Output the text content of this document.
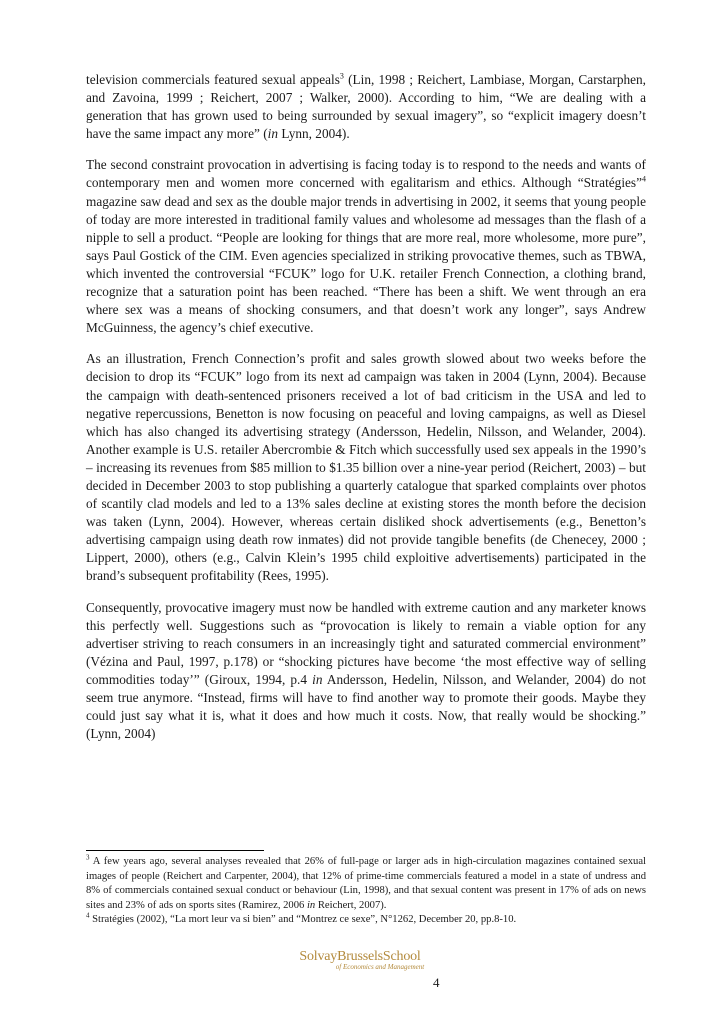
television commercials featured sexual appeals$^3$ (Lin, 1998 ; Reichert, Lambiase, Morgan, Carstarphen, and Zavoina, 1999 ; Reichert, 2007 ; Walker, 2000). According to him, “We are dealing with a generation that has grown used to being surrounded by sexual imagery”, so “explicit imagery doesn’t have the same impact any more” (in Lynn, 2004).

The second constraint provocation in advertising is facing today is to respond to the needs and wants of contemporary men and women more concerned with egalitarism and ethics. Although “Stratégies”$^4$ magazine saw dead and sex as the double major trends in advertising in 2002, it seems that young people of today are more interested in traditional family values and wholesome ad messages than the flash of a nipple to sell a product. “People are looking for things that are more real, more wholesome, more pure”, says Paul Gostick of the CIM. Even agencies specialized in striking provocative themes, such as TBWA, which invented the controversial “FCUK” logo for U.K. retailer French Connection, a clothing brand, recognize that a saturation point has been reached. “There has been a shift. We went through an era where sex was a means of shocking consumers, and that doesn’t work any longer”, says Andrew McGuinness, the agency’s chief executive.

As an illustration, French Connection’s profit and sales growth slowed about two weeks before the decision to drop its “FCUK” logo from its next ad campaign was taken in 2004 (Lynn, 2004). Because the campaign with death-sentenced prisoners received a lot of bad criticism in the USA and led to negative repercussions, Benetton is now focusing on peaceful and loving campaigns, as well as Diesel which has also changed its advertising strategy (Andersson, Hedelin, Nilsson, and Welander, 2004). Another example is U.S. retailer Abercrombie & Fitch which successfully used sex appeals in the 1990’s – increasing its revenues from $85 million to $1.35 billion over a nine-year period (Reichert, 2003) – but decided in December 2003 to stop publishing a quarterly catalogue that sparked complaints over photos of scantily clad models and led to a 13% sales decline at existing stores the month before the decision was taken (Lynn, 2004). However, whereas certain disliked shock advertisements (e.g., Benetton’s advertising campaign using death row inmates) did not provide tangible benefits (de Chenecey, 2000 ; Lippert, 2000), others (e.g., Calvin Klein’s 1995 child exploitive advertisements) participated in the brand’s subsequent profitability (Rees, 1995).

Consequently, provocative imagery must now be handled with extreme caution and any marketer knows this perfectly well. Suggestions such as “provocation is likely to remain a viable option for any advertiser striving to reach consumers in an increasingly tight and saturated commercial environment” (Vézina and Paul, 1997, p.178) or “shocking pictures have become ‘the most effective way of selling commodities today’” (Giroux, 1994, p.4 in Andersson, Hedelin, Nilsson, and Welander, 2004) do not seem true anymore. “Instead, firms will have to find another way to promote their goods. Maybe they could just say what it is, what it does and how much it costs. Now, that really would be shocking.” (Lynn, 2004)

$^3$ A few years ago, several analyses revealed that 26% of full-page or larger ads in high-circulation magazines contained sexual images of people (Reichert and Carpenter, 2004), that 12% of prime-time commercials featured a model in a state of undress and 8% of commercials contained sexual conduct or behaviour (Lin, 1998), and that sexual content was present in 17% of ads on news sites and 23% of ads on sports sites (Ramirez, 2006 in Reichert, 2007).

$^4$ Stratégies (2002), “La mort leur va si bien” and “Montrez ce sexe”, N°1262, December 20, pp.8-10.

SolvayBrusselsSchool
of Economics and Management
4
